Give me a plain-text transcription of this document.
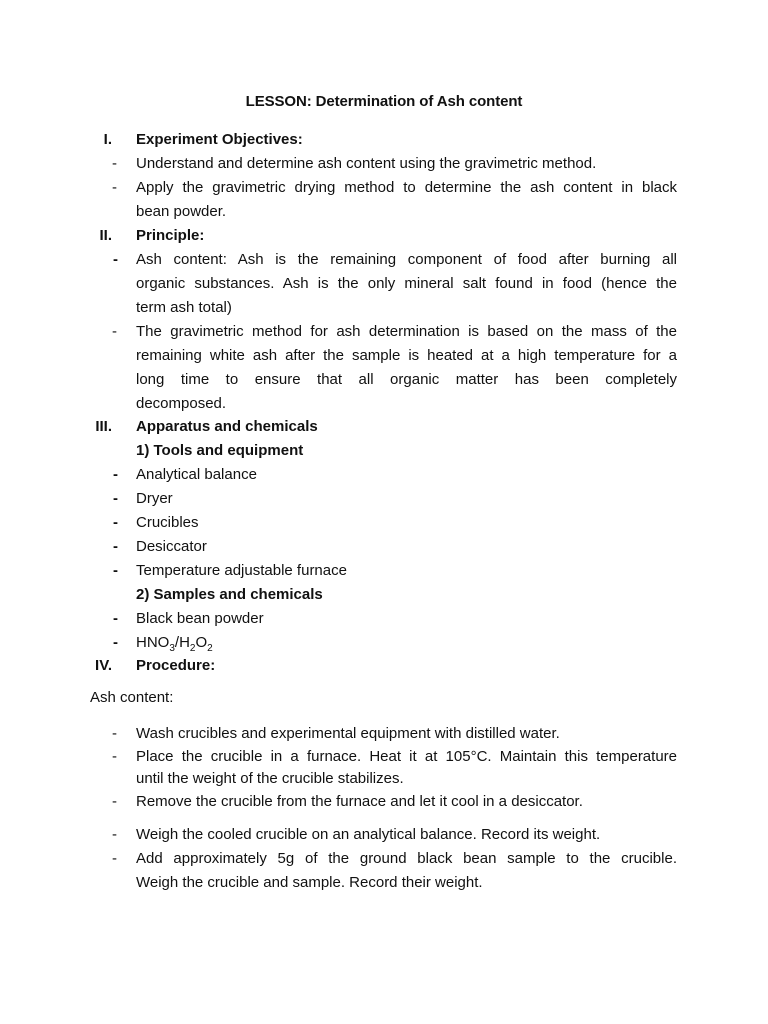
LESSON: Determination of Ash content
I. Experiment Objectives:
- Understand and determine ash content using the gravimetric method.
- Apply the gravimetric drying method to determine the ash content in black
bean powder.
II. Principle:
- Ash content: Ash is the remaining component of food after burning all
organic substances. Ash is the only mineral salt found in food (hence the
term ash total)
- The gravimetric method for ash determination is based on the mass of the
remaining white ash after the sample is heated at a high temperature for a
long time to ensure that all organic matter has been completely
decomposed.
III. Apparatus and chemicals
1) Tools and equipment
- Analytical balance
- Dryer
- Crucibles
- Desiccator
- Temperature adjustable furnace
2) Samples and chemicals
- Black bean powder
- $HNO_3/H_2O_2$
IV. Procedure:
Ash content:
- Wash crucibles and experimental equipment with distilled water.
- Place the crucible in a furnace. Heat it at 105°C. Maintain this temperature
until the weight of the crucible stabilizes.
- Remove the crucible from the furnace and let it cool in a desiccator.
- Weigh the cooled crucible on an analytical balance. Record its weight.
- Add approximately 5g of the ground black bean sample to the crucible.
Weigh the crucible and sample. Record their weight.
